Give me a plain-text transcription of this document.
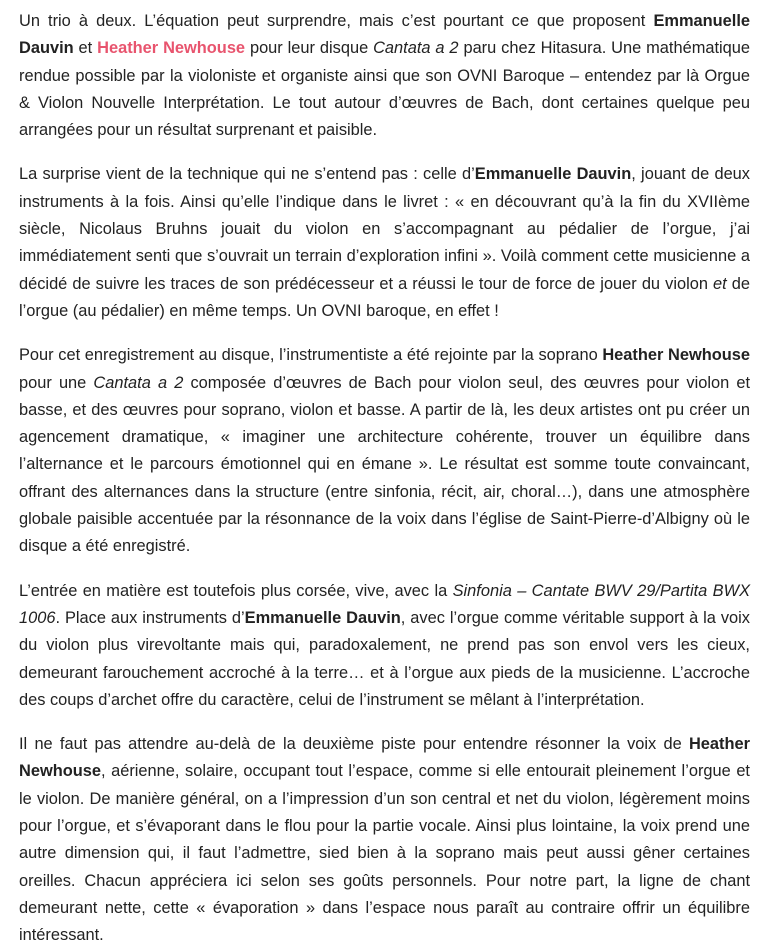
Un trio à deux. L’équation peut surprendre, mais c’est pourtant ce que proposent Emmanuelle Dauvin et Heather Newhouse pour leur disque Cantata a 2 paru chez Hitasura. Une mathématique rendue possible par la violoniste et organiste ainsi que son OVNI Baroque – entendez par là Orgue & Violon Nouvelle Interprétation. Le tout autour d’œuvres de Bach, dont certaines quelque peu arrangées pour un résultat surprenant et paisible.

La surprise vient de la technique qui ne s’entend pas : celle d’Emmanuelle Dauvin, jouant de deux instruments à la fois. Ainsi qu’elle l’indique dans le livret : « en découvrant qu’à la fin du XVIIème siècle, Nicolaus Bruhns jouait du violon en s’accompagnant au pédalier de l’orgue, j’ai immédiatement senti que s’ouvrait un terrain d’exploration infini ». Voilà comment cette musicienne a décidé de suivre les traces de son prédécesseur et a réussi le tour de force de jouer du violon et de l’orgue (au pédalier) en même temps. Un OVNI baroque, en effet !

Pour cet enregistrement au disque, l’instrumentiste a été rejointe par la soprano Heather Newhouse pour une Cantata a 2 composée d’œuvres de Bach pour violon seul, des œuvres pour violon et basse, et des œuvres pour soprano, violon et basse. A partir de là, les deux artistes ont pu créer un agencement dramatique, « imaginer une architecture cohérente, trouver un équilibre dans l’alternance et le parcours émotionnel qui en émane ». Le résultat est somme toute convaincant, offrant des alternances dans la structure (entre sinfonia, récit, air, choral…), dans une atmosphère globale paisible accentuée par la résonnance de la voix dans l’église de Saint-Pierre-d’Albigny où le disque a été enregistré.

L’entrée en matière est toutefois plus corsée, vive, avec la Sinfonia – Cantate BWV 29/Partita BWX 1006. Place aux instruments d’Emmanuelle Dauvin, avec l’orgue comme véritable support à la voix du violon plus virevoltante mais qui, paradoxalement, ne prend pas son envol vers les cieux, demeurant farouchement accroché à la terre… et à l’orgue aux pieds de la musicienne. L’accroche des coups d’archet offre du caractère, celui de l’instrument se mêlant à l’interprétation.

Il ne faut pas attendre au-delà de la deuxième piste pour entendre résonner la voix de Heather Newhouse, aérienne, solaire, occupant tout l’espace, comme si elle entourait pleinement l’orgue et le violon. De manière général, on a l’impression d’un son central et net du violon, légèrement moins pour l’orgue, et s’évaporant dans le flou pour la partie vocale. Ainsi plus lointaine, la voix prend une autre dimension qui, il faut l’admettre, sied bien à la soprano mais peut aussi gêner certaines oreilles. Chacun appréciera ici selon ses goûts personnels. Pour notre part, la ligne de chant demeurant nette, cette « évaporation » dans l’espace nous paraît au contraire offrir un équilibre intéressant.
